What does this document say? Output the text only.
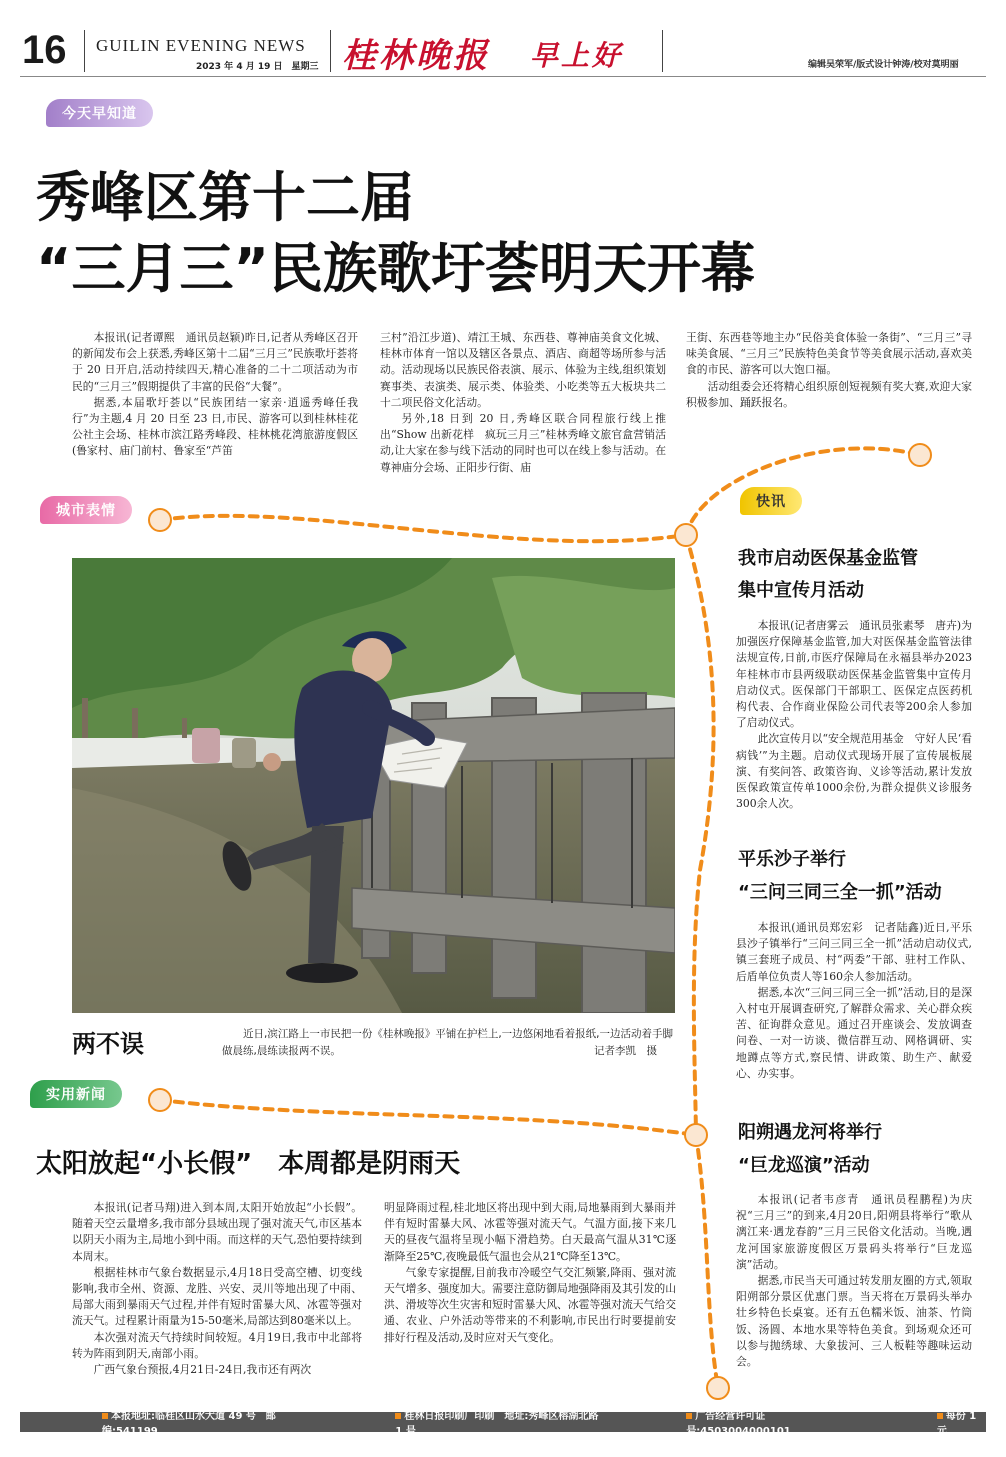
16 GUILIN EVENING NEWS
2023 年 4 月 19 日　星期三 桂林晚报 早上好	编辑吴荣军/版式设计钟涛/校对莫明丽
今天早知道
秀峰区第十二届
“三月三”民族歌圩荟明天开幕

本报讯(记者谭熙　通讯员赵颖)昨日,记者从秀峰区召开的新闻发布会上获悉,秀峰区第十二届“三月三”民族歌圩荟将于 20 日开启,活动持续四天,精心准备的二十二项活动为市民的“三月三”假期提供了丰富的民俗“大餐”。

据悉,本届歌圩荟以“民族团结一家亲·逍遥秀峰任我行”为主题,4 月 20 日至 23 日,市民、游客可以到桂林桂花公社主会场、桂林市滨江路秀峰段、桂林桃花湾旅游度假区(鲁家村、庙门前村、鲁家至“芦笛

三村”沿江步道)、靖江王城、东西巷、尊神庙美食文化城、桂林市体育一馆以及辖区各景点、酒店、商超等场所参与活动。活动现场以民族民俗表演、展示、体验为主线,组织策划赛事类、表演类、展示类、体验类、小吃类等五大板块共二十二项民俗文化活动。

另外,18 日到 20 日,秀峰区联合同程旅行线上推出“Show 出新花样　疯玩三月三”桂林秀峰文旅官盒营销活动,让大家在参与线下活动的同时也可以在线上参与活动。在尊神庙分会场、正阳步行街、庙

王街、东西巷等地主办“民俗美食体验一条街”、“三月三”寻味美食展、“三月三”民族特色美食节等美食展示活动,喜欢美食的市民、游客可以大饱口福。

活动组委会还将精心组织原创短视频有奖大赛,欢迎大家积极参加、踊跃报名。

城市表情
两不误	近日,滨江路上一市民把一份《桂林晚报》平铺在护栏上,一边悠闲地看着报纸,一边活动着手脚做晨练,晨练读报两不误。	记者李凯　摄
快讯
我市启动医保基金监管
集中宣传月活动

本报讯(记者唐雾云　通讯员张素琴　唐卉)为加强医疗保障基金监管,加大对医保基金监管法律法规宣传,日前,市医疗保障局在永福县举办2023年桂林市市县两级联动医保基金监管集中宣传月启动仪式。医保部门干部职工、医保定点医药机构代表、合作商业保险公司代表等200余人参加了启动仪式。

此次宣传月以“安全规范用基金　守好人民‘看病钱’”为主题。启动仪式现场开展了宣传展板展演、有奖问答、政策咨询、义诊等活动,累计发放医保政策宣传单1000余份,为群众提供义诊服务300余人次。

平乐沙子举行
“三问三同三全一抓”活动

本报讯(通讯员郑宏彩　记者陆鑫)近日,平乐县沙子镇举行“三问三同三全一抓”活动启动仪式,镇三套班子成员、村“两委”干部、驻村工作队、后盾单位负责人等160余人参加活动。

据悉,本次“三问三同三全一抓”活动,目的是深入村屯开展调查研究,了解群众需求、关心群众疾苦、征询群众意见。通过召开座谈会、发放调查问卷、一对一访谈、微信群互动、网格调研、实地蹲点等方式,察民情、讲政策、助生产、献爱心、办实事。

阳朔遇龙河将举行
“巨龙巡演”活动

本报讯(记者韦彦青　通讯员程鹏程)为庆祝“三月三”的到来,4月20日,阳朔县将举行“歌从漓江来·遇龙春韵”三月三民俗文化活动。当晚,遇龙河国家旅游度假区万景码头将举行“巨龙巡演”活动。

据悉,市民当天可通过转发朋友圈的方式,领取阳朔部分景区优惠门票。当天将在万景码头举办壮乡特色长桌宴。还有五色糯米饭、油茶、竹筒饭、汤圆、本地水果等特色美食。到场观众还可以参与抛绣球、大象拔河、三人板鞋等趣味运动会。

实用新闻
太阳放起“小长假”　本周都是阴雨天

本报讯(记者马翔)进入到本周,太阳开始放起“小长假”。随着天空云量增多,我市部分县域出现了强对流天气,市区基本以阴天小雨为主,局地小到中雨。而这样的天气,恐怕要持续到本周末。

根据桂林市气象台数据显示,4月18日受高空槽、切变线影响,我市全州、资源、龙胜、兴安、灵川等地出现了中雨、局部大雨到暴雨天气过程,并伴有短时雷暴大风、冰雹等强对流天气。过程累计雨量为15-50毫米,局部达到80毫米以上。

本次强对流天气持续时间较短。4月19日,我市中北部将转为阵雨到阴天,南部小雨。

广西气象台预报,4月21日-24日,我市还有两次

明显降雨过程,桂北地区将出现中到大雨,局地暴雨到大暴雨并伴有短时雷暴大风、冰雹等强对流天气。气温方面,接下来几天的昼夜气温将呈现小幅下滑趋势。白天最高气温从31℃逐渐降至25℃,夜晚最低气温也会从21℃降至13℃。

气象专家提醒,目前我市冷暖空气交汇频繁,降雨、强对流天气增多、强度加大。需要注意防御局地强降雨及其引发的山洪、滑坡等次生灾害和短时雷暴大风、冰雹等强对流天气给交通、农业、户外活动等带来的不利影响,市民出行时要提前安排好行程及活动,及时应对天气变化。

本报地址:临桂区山水大道 49 号　邮编:541199
桂林日报印刷厂印刷　地址:秀峰区榕湖北路 1 号
广告经营许可证号:4503004000101
每份 1 元
